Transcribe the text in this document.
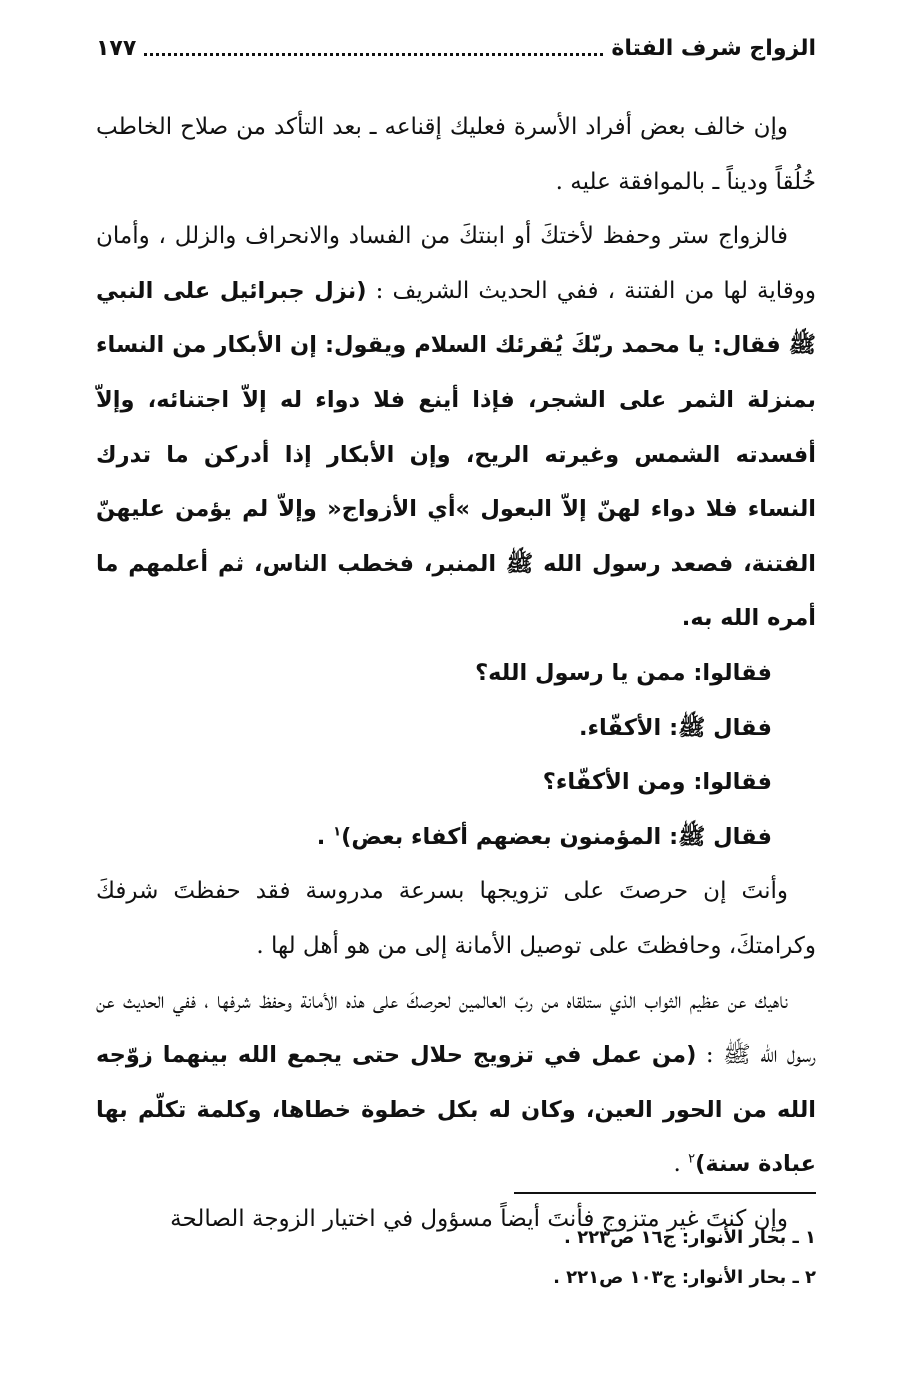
الزواج شرف الفتاة
١٧٧

وإن خالف بعض أفراد الأسرة فعليك إقناعه ـ بعد التأكد من صلاح الخاطب خُلُقاً وديناً ـ بالموافقة عليه .

فالزواج ستر وحفظ لأختكَ أو ابنتكَ من الفساد والانحراف والزلل ، وأمان ووقاية لها من الفتنة ، ففي الحديث الشريف : (نزل جبرائيل على النبي ﷺ فقال: يا محمد ربّكَ يُقرئك السلام ويقول: إن الأبكار من النساء بمنزلة الثمر على الشجر، فإذا أينع فلا دواء له إلاّ اجتنائه، وإلاّ أفسدته الشمس وغيرته الريح، وإن الأبكار إذا أدركن ما تدرك النساء فلا دواء لهنّ إلاّ البعول »أي الأزواج« وإلاّ لم يؤمن عليهنّ الفتنة، فصعد رسول الله ﷺ المنبر، فخطب الناس، ثم أعلمهم ما أمره الله به.

فقالوا: ممن يا رسول الله؟

فقال ﷺ: الأكفّاء.

فقالوا: ومن الأكفّاء؟

فقال ﷺ: المؤمنون بعضهم أكفاء بعض)$^١$ .

وأنتَ إن حرصتَ على تزويجها بسرعة مدروسة فقد حفظتَ شرفكَ وكرامتكَ، وحافظتَ على توصيل الأمانة إلى من هو أهل لها .

ناهيك عن عظيم الثواب الذي ستلقاه من ربّ العالمين لحرصكَ على هذه الأمانة وحفظ شرفها ، ففي الحديث عن رسول الله ﷺ : (من عمل في تزويج حلال حتى يجمع الله بينهما زوّجه الله من الحور العين، وكان له بكل خطوة خطاها، وكلمة تكلّم بها عبادة سنة)$^٢$ .

وإن كنتَ غير متزوج فأنتَ أيضاً مسؤول في اختيار الزوجة الصالحة

١ ـ بحار الأنوار: ج١٦ ص٢٢٣ .
٢ ـ بحار الأنوار: ج١٠٣ ص٢٢١ .
